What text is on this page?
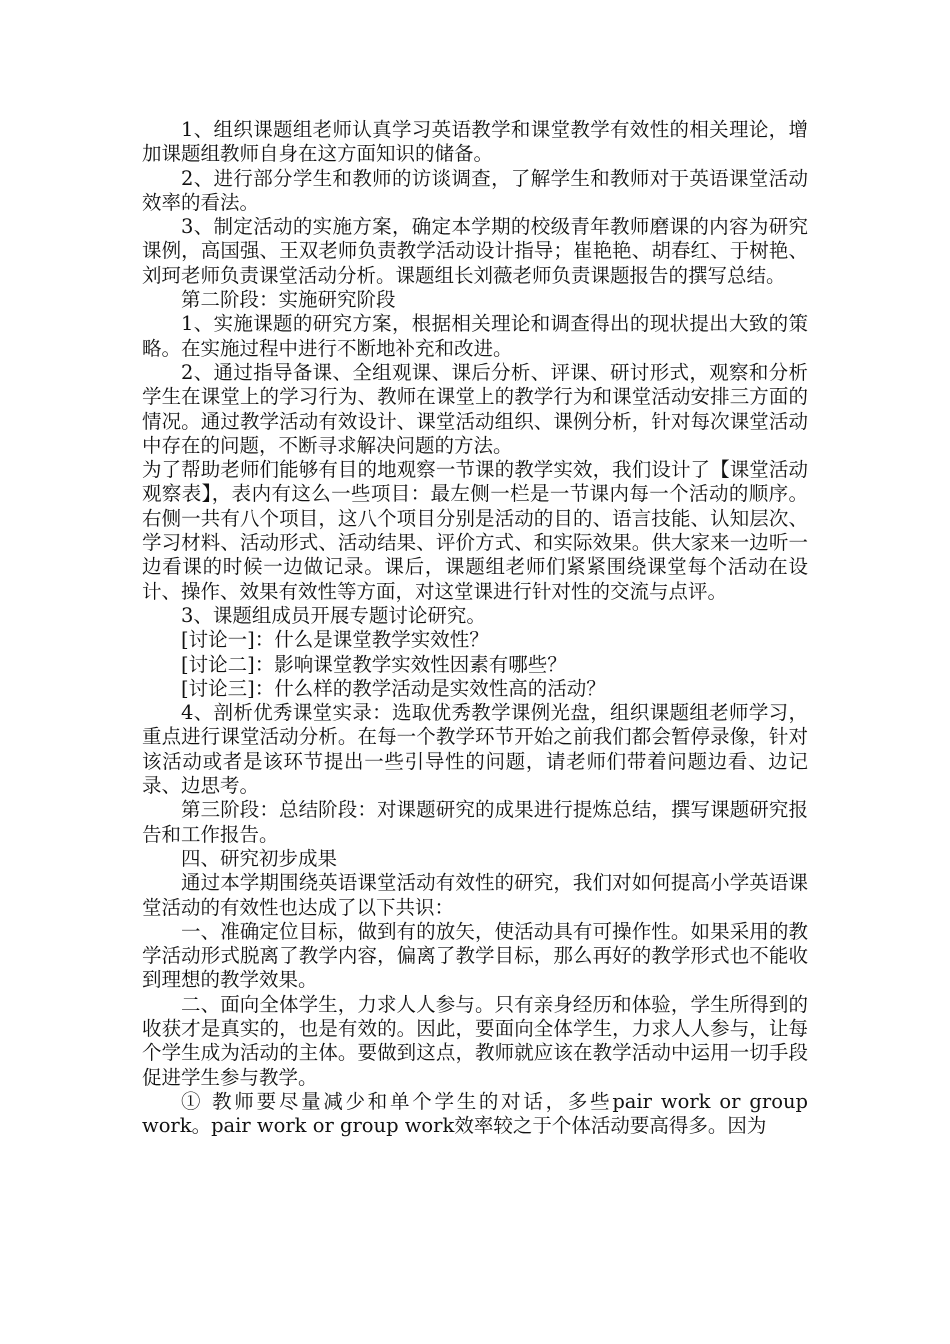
1、组织课题组老师认真学习英语教学和课堂教学有效性的相关理论，增加课题组教师自身在这方面知识的储备。

2、进行部分学生和教师的访谈调查，了解学生和教师对于英语课堂活动效率的看法。

3、制定活动的实施方案，确定本学期的校级青年教师磨课的内容为研究课例，高国强、王双老师负责教学活动设计指导；崔艳艳、胡春红、于树艳、刘珂老师负责课堂活动分析。课题组长刘薇老师负责课题报告的撰写总结。

第二阶段：实施研究阶段

1、实施课题的研究方案，根据相关理论和调查得出的现状提出大致的策略。在实施过程中进行不断地补充和改进。

2、通过指导备课、全组观课、课后分析、评课、研讨形式，观察和分析学生在课堂上的学习行为、教师在课堂上的教学行为和课堂活动安排三方面的情况。通过教学活动有效设计、课堂活动组织、课例分析，针对每次课堂活动中存在的问题，不断寻求解决问题的方法。

为了帮助老师们能够有目的地观察一节课的教学实效，我们设计了【课堂活动观察表】，表内有这么一些项目：最左侧一栏是一节课内每一个活动的顺序。右侧一共有八个项目，这八个项目分别是活动的目的、语言技能、认知层次、学习材料、活动形式、活动结果、评价方式、和实际效果。供大家来一边听一边看课的时候一边做记录。课后，课题组老师们紧紧围绕课堂每个活动在设计、操作、效果有效性等方面，对这堂课进行针对性的交流与点评。

3、课题组成员开展专题讨论研究。

[讨论一]：什么是课堂教学实效性？

[讨论二]：影响课堂教学实效性因素有哪些？

[讨论三]：什么样的教学活动是实效性高的活动？

4、剖析优秀课堂实录：选取优秀教学课例光盘，组织课题组老师学习，重点进行课堂活动分析。在每一个教学环节开始之前我们都会暂停录像，针对该活动或者是该环节提出一些引导性的问题，请老师们带着问题边看、边记录、边思考。

第三阶段：总结阶段：对课题研究的成果进行提炼总结，撰写课题研究报告和工作报告。

四、研究初步成果

通过本学期围绕英语课堂活动有效性的研究，我们对如何提高小学英语课堂活动的有效性也达成了以下共识：

一、准确定位目标，做到有的放矢，使活动具有可操作性。如果采用的教学活动形式脱离了教学内容，偏离了教学目标，那么再好的教学形式也不能收到理想的教学效果。

二、面向全体学生，力求人人参与。只有亲身经历和体验，学生所得到的收获才是真实的，也是有效的。因此，要面向全体学生，力求人人参与，让每个学生成为活动的主体。要做到这点，教师就应该在教学活动中运用一切手段促进学生参与教学。

① 教师要尽量减少和单个学生的对话，多些pair work or group work。pair work or group work效率较之于个体活动要高得多。因为
